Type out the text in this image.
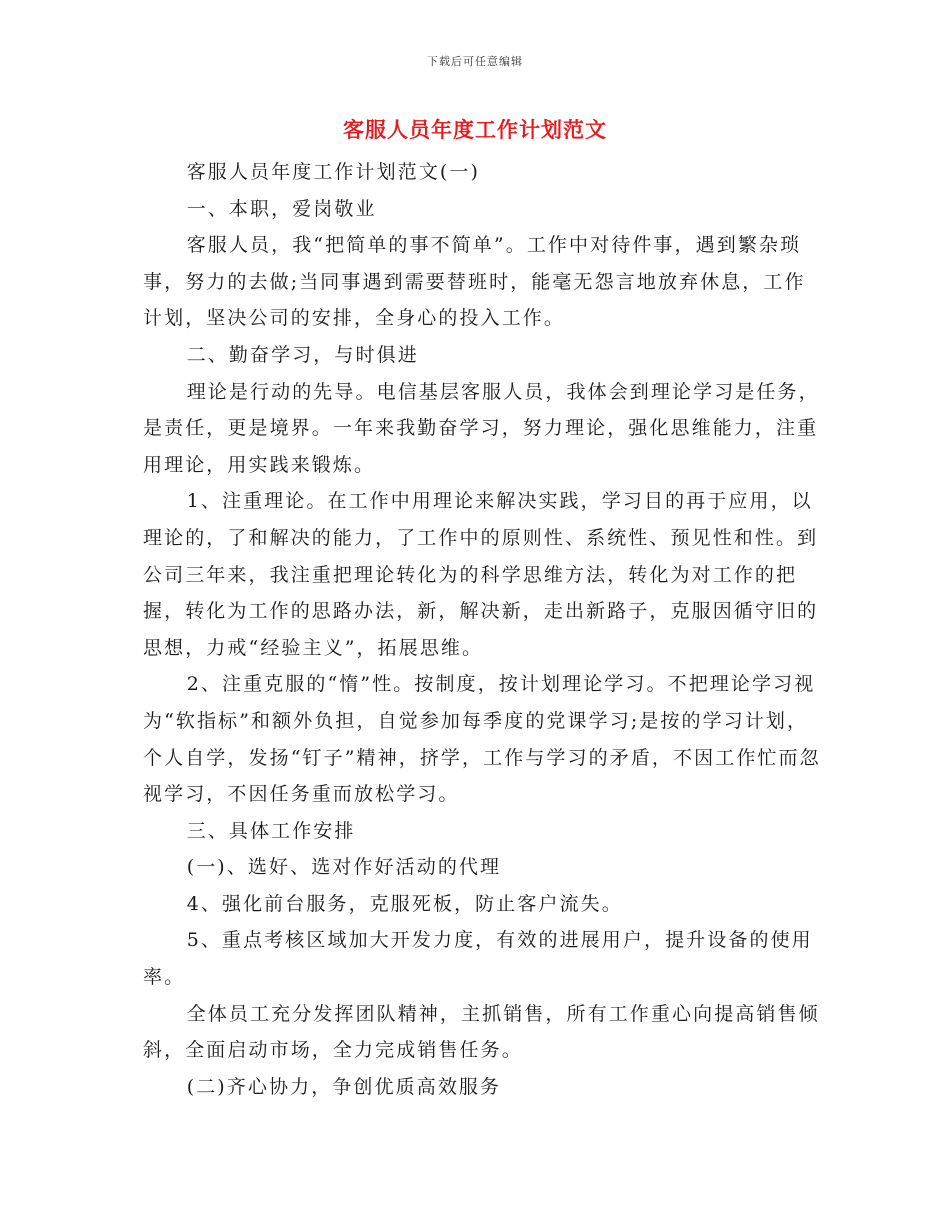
下载后可任意编辑
客服人员年度工作计划范文

客服人员年度工作计划范文(一)

一、本职，爱岗敬业

客服人员，我“把简单的事不简单”。工作中对待件事，遇到繁杂琐事，努力的去做;当同事遇到需要替班时，能毫无怨言地放弃休息，工作计划，坚决公司的安排，全身心的投入工作。

二、勤奋学习，与时俱进

理论是行动的先导。电信基层客服人员，我体会到理论学习是任务，是责任，更是境界。一年来我勤奋学习，努力理论，强化思维能力，注重用理论，用实践来锻炼。

1、注重理论。在工作中用理论来解决实践，学习目的再于应用，以理论的，了和解决的能力，了工作中的原则性、系统性、预见性和性。到公司三年来，我注重把理论转化为的科学思维方法，转化为对工作的把握，转化为工作的思路办法，新，解决新，走出新路子，克服因循守旧的思想，力戒“经验主义”，拓展思维。

2、注重克服的“惰”性。按制度，按计划理论学习。不把理论学习视为“软指标”和额外负担，自觉参加每季度的党课学习;是按的学习计划，个人自学，发扬“钉子”精神，挤学，工作与学习的矛盾，不因工作忙而忽视学习，不因任务重而放松学习。

三、具体工作安排

(一)、选好、选对作好活动的代理

4、强化前台服务，克服死板，防止客户流失。

5、重点考核区域加大开发力度，有效的进展用户，提升设备的使用率。

全体员工充分发挥团队精神，主抓销售，所有工作重心向提高销售倾斜，全面启动市场，全力完成销售任务。

(二)齐心协力，争创优质高效服务
